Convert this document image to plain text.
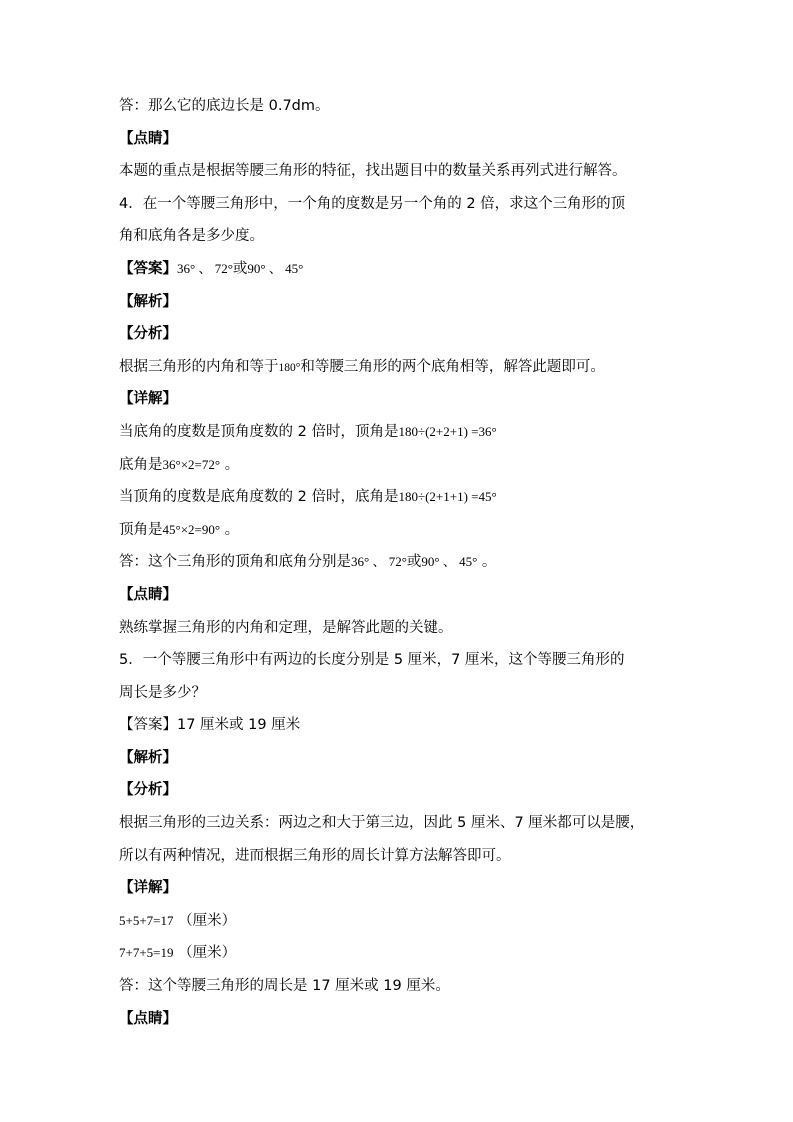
答：那么它的底边长是 0.7dm。
【点睛】
本题的重点是根据等腰三角形的特征，找出题目中的数量关系再列式进行解答。
4．在一个等腰三角形中，一个角的度数是另一个角的 2 倍，求这个三角形的顶
角和底角各是多少度。
【答案】36° 、 72°或90° 、 45°
【解析】
【分析】
根据三角形的内角和等于180°和等腰三角形的两个底角相等，解答此题即可。
【详解】
当底角的度数是顶角度数的 2 倍时，顶角是180÷(2+2+1) =36°
底角是36°×2=72° 。
当顶角的度数是底角度数的 2 倍时，底角是180÷(2+1+1) =45°
顶角是45°×2=90° 。
答：这个三角形的顶角和底角分别是36° 、 72°或90° 、 45° 。
【点睛】
熟练掌握三角形的内角和定理，是解答此题的关键。
5．一个等腰三角形中有两边的长度分别是 5 厘米，7 厘米，这个等腰三角形的
周长是多少？
【答案】17 厘米或 19 厘米
【解析】
【分析】
根据三角形的三边关系：两边之和大于第三边，因此 5 厘米、7 厘米都可以是腰，
所以有两种情况，进而根据三角形的周长计算方法解答即可。
【详解】
5+5+7=17 （厘米）
7+7+5=19 （厘米）
答：这个等腰三角形的周长是 17 厘米或 19 厘米。
【点睛】
